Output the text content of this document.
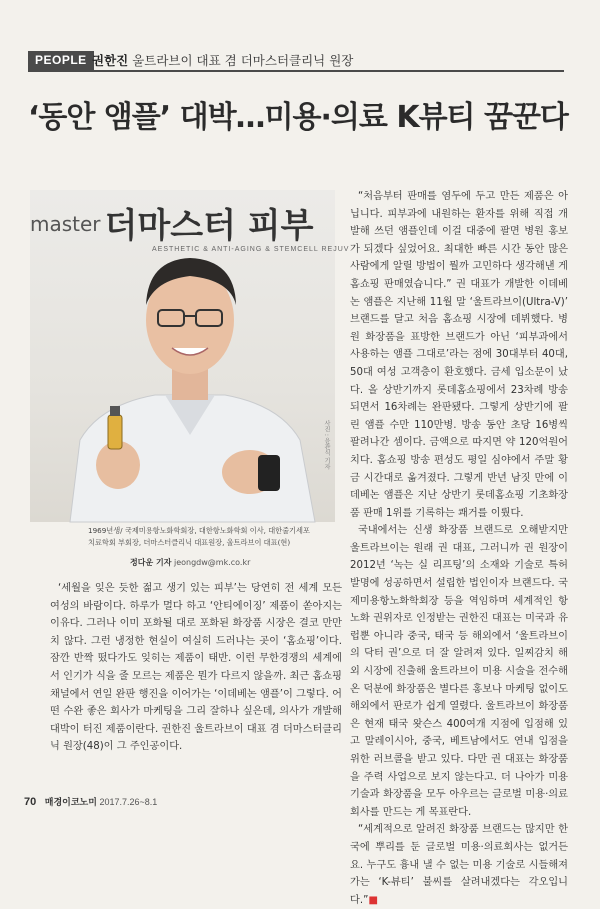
PEOPLE 권한진 울트라브이 대표 겸 더마스터클리닉 원장
‘동안 앰플’ 대박…미용·의료 K뷰티 꿈꾼다
master 더마스터 피부
AESTHETIC & ANTI-AGING & STEMCELL REJUV
사진 : 윤관식 기자
1969년생/ 국제미용항노화학회장, 대한항노화학회 이사, 대한줄기세포
치료학회 부회장, 더마스터클리닉 대표원장, 울트라브이 대표(현)
정다운 기자 jeongdw@mk.co.kr

‘세월을 잊은 듯한 젊고 생기 있는 피부’는 당연히 전 세계 모든 여성의 바람이다. 하루가 멀다 하고 ‘안티에이징’ 제품이 쏟아지는 이유다. 그러나 이미 포화될 대로 포화된 화장품 시장은 결코 만만치 않다. 그런 냉정한 현실이 여실히 드러나는 곳이 ‘홈쇼핑’이다. 잠깐 반짝 떴다가도 잊히는 제품이 태반. 이런 무한경쟁의 세계에서 인기가 식을 줄 모르는 제품은 뭔가 다르지 않을까. 최근 홈쇼핑 채널에서 연일 완판 행진을 이어가는 ‘이데베논 앰플’이 그렇다. 어떤 수완 좋은 회사가 마케팅을 그리 잘하나 싶은데, 의사가 개발해 대박이 터진 제품이란다. 권한진 울트라브이 대표 겸 더마스터클리닉 원장(48)이 그 주인공이다.

“처음부터 판매를 염두에 두고 만든 제품은 아닙니다. 피부과에 내원하는 환자를 위해 직접 개발해 쓰던 앰플인데 이걸 대중에 팔면 병원 홍보가 되겠다 싶었어요. 최대한 빠른 시간 동안 많은 사람에게 알릴 방법이 뭘까 고민하다 생각해낸 게 홈쇼핑 판매였습니다.” 권 대표가 개발한 이데베논 앰플은 지난해 11월 말 ‘울트라브이(Ultra-V)’ 브랜드를 달고 처음 홈쇼핑 시장에 데뷔했다. 병원 화장품을 표방한 브랜드가 아닌 ‘피부과에서 사용하는 앰플 그대로’라는 점에 30대부터 40대, 50대 여성 고객층이 환호했다. 금세 입소문이 났다. 올 상반기까지 롯데홈쇼핑에서 23차례 방송되면서 16차례는 완판됐다. 그렇게 상반기에 팔린 앰플 수만 110만병. 방송 동안 초당 16병씩 팔려나간 셈이다. 금액으로 따지면 약 120억원어치다. 홈쇼핑 방송 편성도 평일 심야에서 주말 황금 시간대로 옮겨졌다. 그렇게 반년 남짓 만에 이데베논 앰플은 지난 상반기 롯데홈쇼핑 기초화장품 판매 1위를 기록하는 쾌거를 이뤘다.

국내에서는 신생 화장품 브랜드로 오해받지만 울트라브이는 원래 권 대표, 그러니까 권 원장이 2012년 ‘녹는 실 리프팅’의 소재와 기술로 특허발명에 성공하면서 설립한 법인이자 브랜드다. 국제미용항노화학회장 등을 역임하며 세계적인 항노화 권위자로 인정받는 권한진 대표는 미국과 유럽뿐 아니라 중국, 태국 등 해외에서 ‘울트라브이의 닥터 권’으로 더 잘 알려져 있다. 일찌감치 해외 시장에 진출해 울트라브이 미용 시술을 전수해온 덕분에 화장품은 별다른 홍보나 마케팅 없이도 해외에서 판로가 쉽게 열렸다. 울트라브이 화장품은 현재 태국 왓슨스 400여개 지점에 입점해 있고 말레이시아, 중국, 베트남에서도 연내 입점을 위한 러브콜을 받고 있다. 다만 권 대표는 화장품을 주력 사업으로 보지 않는다고. 더 나아가 미용 기술과 화장품을 모두 아우르는 글로벌 미용·의료회사를 만드는 게 목표란다.

“세계적으로 알려진 화장품 브랜드는 많지만 한국에 뿌리를 둔 글로벌 미용·의료회사는 없거든요. 누구도 흉내 낼 수 없는 미용 기술로 시들해져가는 ‘K-뷰티’ 불씨를 살려내겠다는 각오입니다.”■

70 매경이코노미 2017.7.26~8.1
